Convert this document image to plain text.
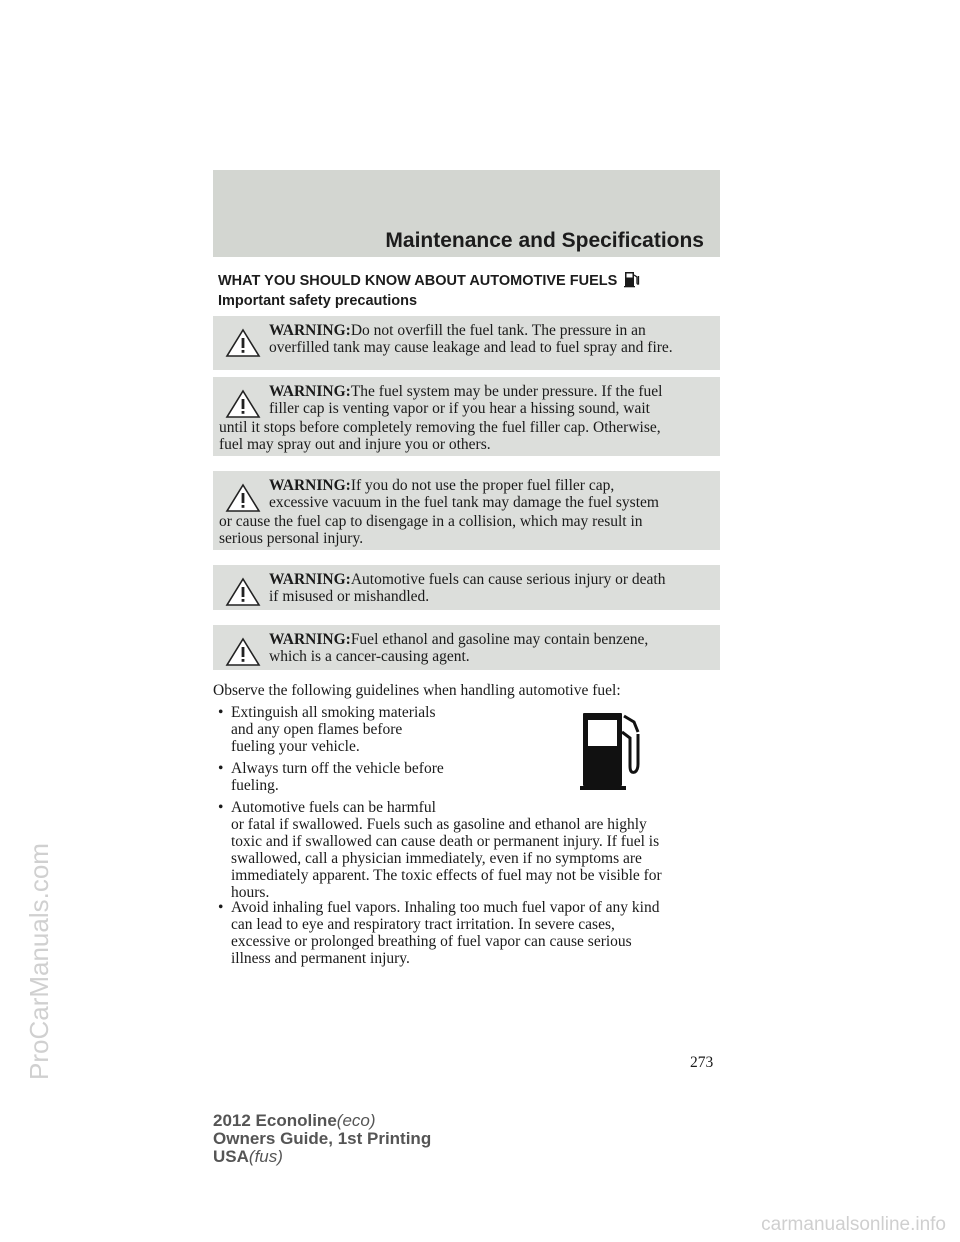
Maintenance and Specifications
WHAT YOU SHOULD KNOW ABOUT AUTOMOTIVE FUELS
Important safety precautions
WARNING:Do not overfill the fuel tank. The pressure in an
overfilled tank may cause leakage and lead to fuel spray and fire.
WARNING:The fuel system may be under pressure. If the fuel
filler cap is venting vapor or if you hear a hissing sound, wait
until it stops before completely removing the fuel filler cap. Otherwise,
fuel may spray out and injure you or others.
WARNING:If you do not use the proper fuel filler cap,
excessive vacuum in the fuel tank may damage the fuel system
or cause the fuel cap to disengage in a collision, which may result in
serious personal injury.
WARNING:Automotive fuels can cause serious injury or death
if misused or mishandled.
WARNING:Fuel ethanol and gasoline may contain benzene,
which is a cancer-causing agent.
Observe the following guidelines when handling automotive fuel:
• Extinguish all smoking materials
and any open flames before
fueling your vehicle.
• Always turn off the vehicle before
fueling.
• Automotive fuels can be harmful
or fatal if swallowed. Fuels such as gasoline and ethanol are highly
toxic and if swallowed can cause death or permanent injury. If fuel is
swallowed, call a physician immediately, even if no symptoms are
immediately apparent. The toxic effects of fuel may not be visible for
hours.
• Avoid inhaling fuel vapors. Inhaling too much fuel vapor of any kind
can lead to eye and respiratory tract irritation. In severe cases,
excessive or prolonged breathing of fuel vapor can cause serious
illness and permanent injury.
273
2012 Econoline(eco)
Owners Guide, 1st Printing
USA(fus)
ProCarManuals.com
carmanualsonline.info
